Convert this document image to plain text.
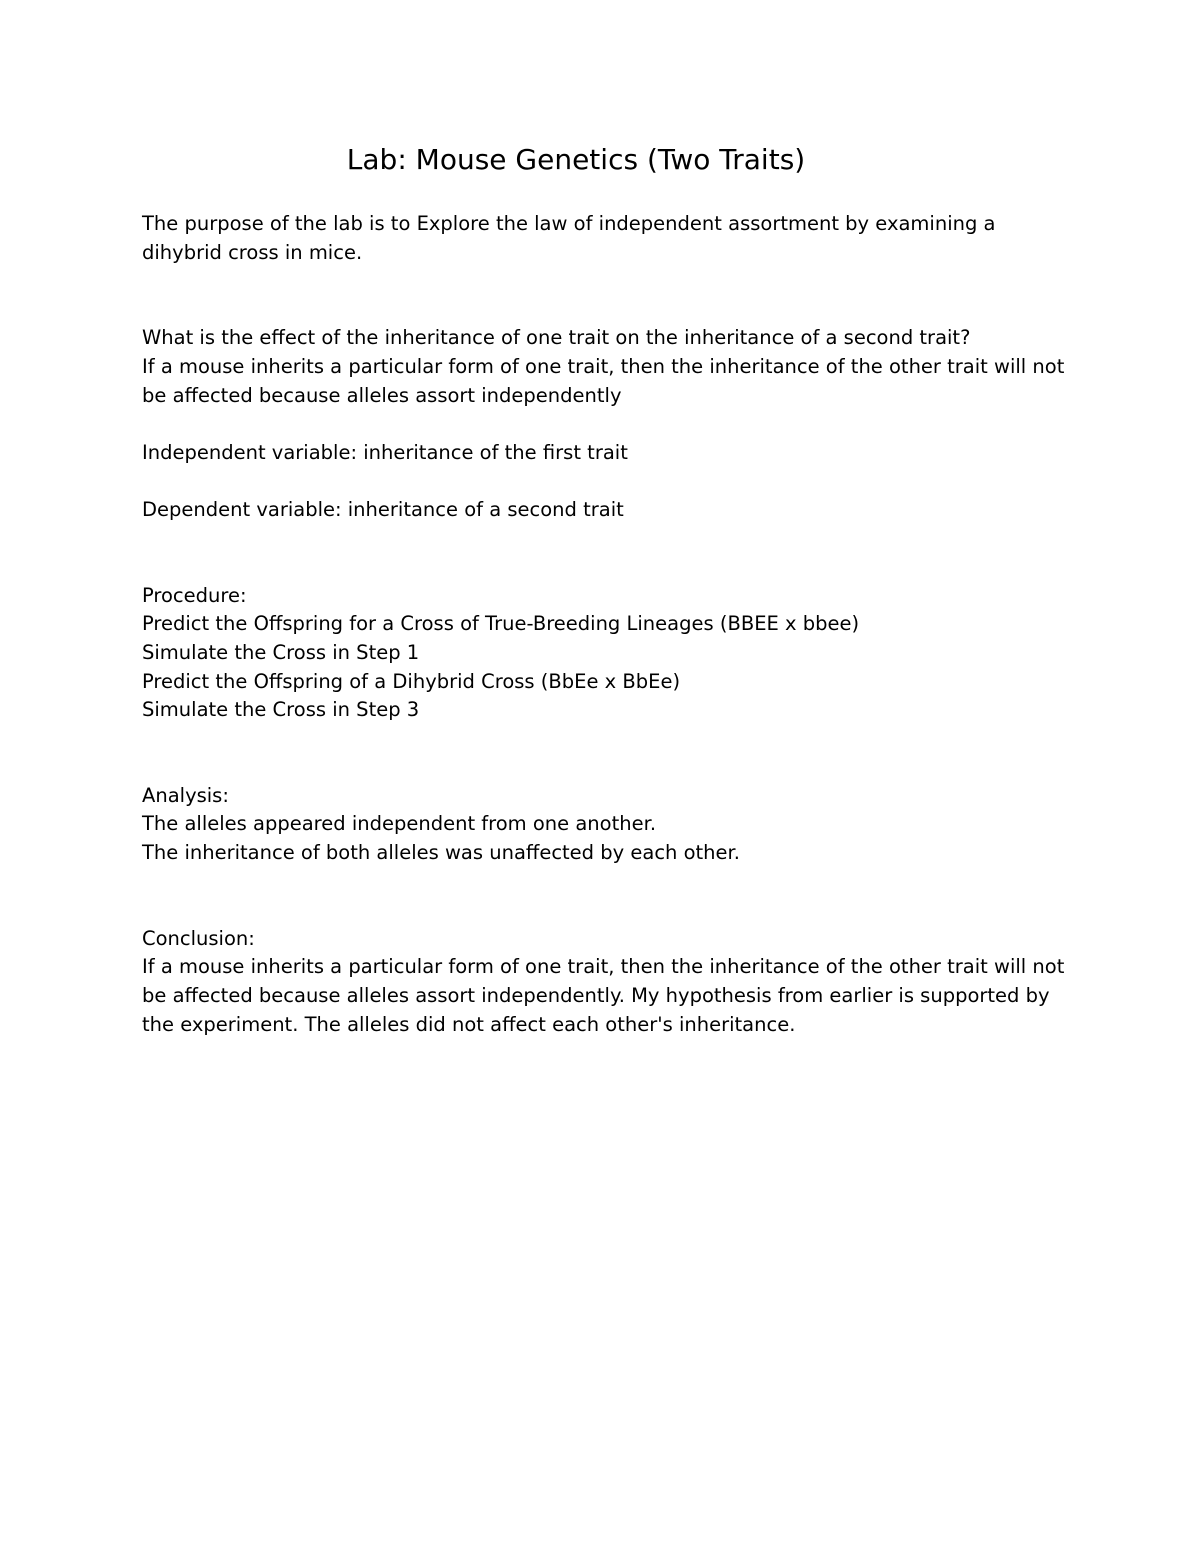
Lab: Mouse Genetics (Two Traits)

The purpose of the lab is to Explore the law of independent assortment by examining a dihybrid cross in mice.

What is the effect of the inheritance of one trait on the inheritance of a second trait?

If a mouse inherits a particular form of one trait, then the inheritance of the other trait will not be affected because alleles assort independently

Independent variable: inheritance of the first trait

Dependent variable: inheritance of a second trait

Procedure:

Predict the Offspring for a Cross of True-Breeding Lineages (BBEE x bbee)

Simulate the Cross in Step 1

Predict the Offspring of a Dihybrid Cross (BbEe x BbEe)

Simulate the Cross in Step 3

Analysis:

The alleles appeared independent from one another.

The inheritance of both alleles was unaffected by each other.

Conclusion:

If a mouse inherits a particular form of one trait, then the inheritance of the other trait will not be affected because alleles assort independently. My hypothesis from earlier is supported by the experiment. The alleles did not affect each other's inheritance.
